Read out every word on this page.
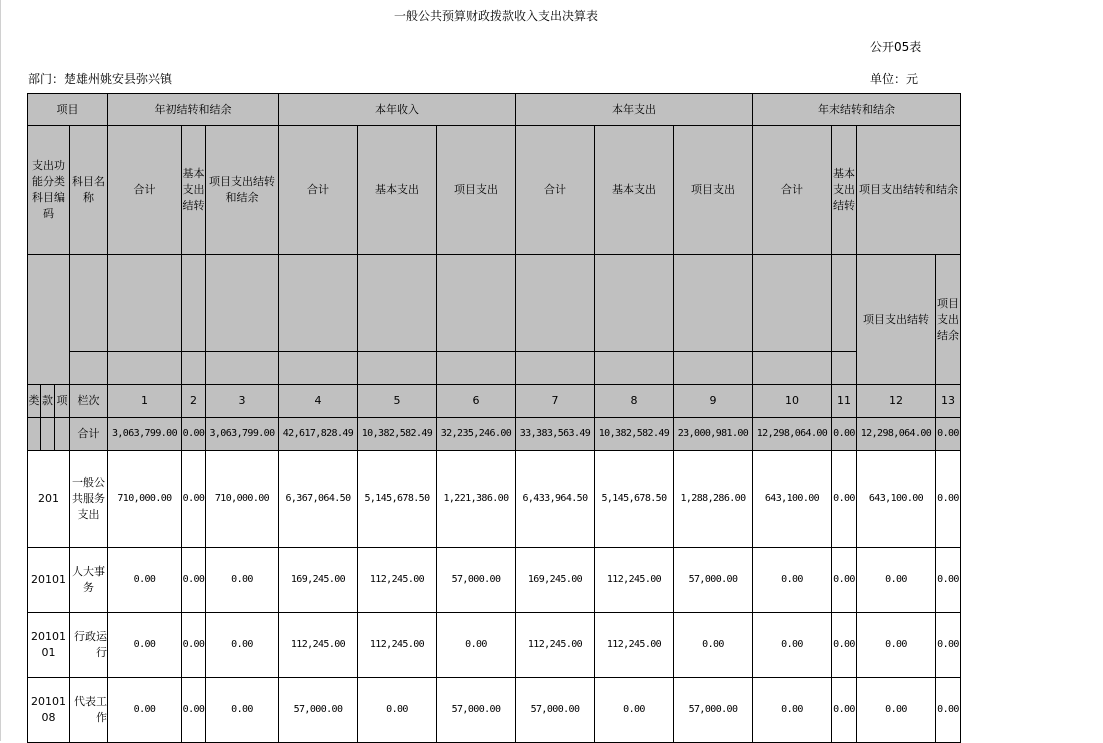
一般公共预算财政拨款收入支出决算表
公开05表
部门：楚雄州姚安县弥兴镇	单位：元
项目				年初结转和结余			本年收入			本年支出			年末结转和结余			
支出功能分类科目编码			科目名称	合计	基本支出结转	项目支出结转和结余	合计	基本支出	项目支出	合计	基本支出	项目支出	合计	基本支出结转	项目支出结转和结余	
															项目支出结转	项目支出结余

类	款	项	栏次	1	2	3	4	5	6	7	8	9	10	11	12	13
			合计	3,063,799.00	0.00	3,063,799.00	42,617,828.49	10,382,582.49	32,235,246.00	33,383,563.49	10,382,582.49	23,000,981.00	12,298,064.00	0.00	12,298,064.00	0.00
201			一般公共服务支出	710,000.00	0.00	710,000.00	6,367,064.50	5,145,678.50	1,221,386.00	6,433,964.50	5,145,678.50	1,288,286.00	643,100.00	0.00	643,100.00	0.00
20101			人大事务	0.00	0.00	0.00	169,245.00	112,245.00	57,000.00	169,245.00	112,245.00	57,000.00	0.00	0.00	0.00	0.00
2010101			行政运行	0.00	0.00	0.00	112,245.00	112,245.00	0.00	112,245.00	112,245.00	0.00	0.00	0.00	0.00	0.00
2010108			代表工作	0.00	0.00	0.00	57,000.00	0.00	57,000.00	57,000.00	0.00	57,000.00	0.00	0.00	0.00	0.00
